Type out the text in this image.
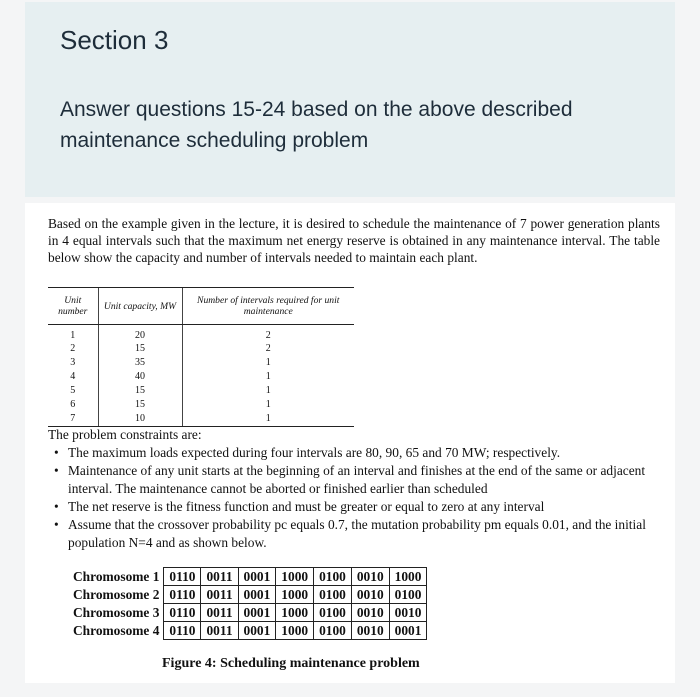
Section 3
Answer questions 15-24 based on the above described maintenance scheduling problem

Based on the example given in the lecture, it is desired to schedule the maintenance of 7 power generation plants in 4 equal intervals such that the maximum net energy reserve is obtained in any maintenance interval. The table below show the capacity and number of intervals needed to maintain each plant.

Unit number	Unit capacity, MW	Number of intervals required for unit maintenance
1	20	2
2	15	2
3	35	1
4	40	1
5	15	1
6	15	1
7	10	1
The problem constraints are:
• The maximum loads expected during four intervals are 80, 90, 65 and 70 MW; respectively.
• Maintenance of any unit starts at the beginning of an interval and finishes at the end of the same or adjacent interval. The maintenance cannot be aborted or finished earlier than scheduled
• The net reserve is the fitness function and must be greater or equal to zero at any interval
• Assume that the crossover probability pc equals 0.7, the mutation probability pm equals 0.01, and the initial population N=4 and as shown below.
Chromosome 1	0110	0011	0001	1000	0100	0010	1000
Chromosome 2	0110	0011	0001	1000	0100	0010	0100
Chromosome 3	0110	0011	0001	1000	0100	0010	0010
Chromosome 4	0110	0011	0001	1000	0100	0010	0001
Figure 4: Scheduling maintenance problem
